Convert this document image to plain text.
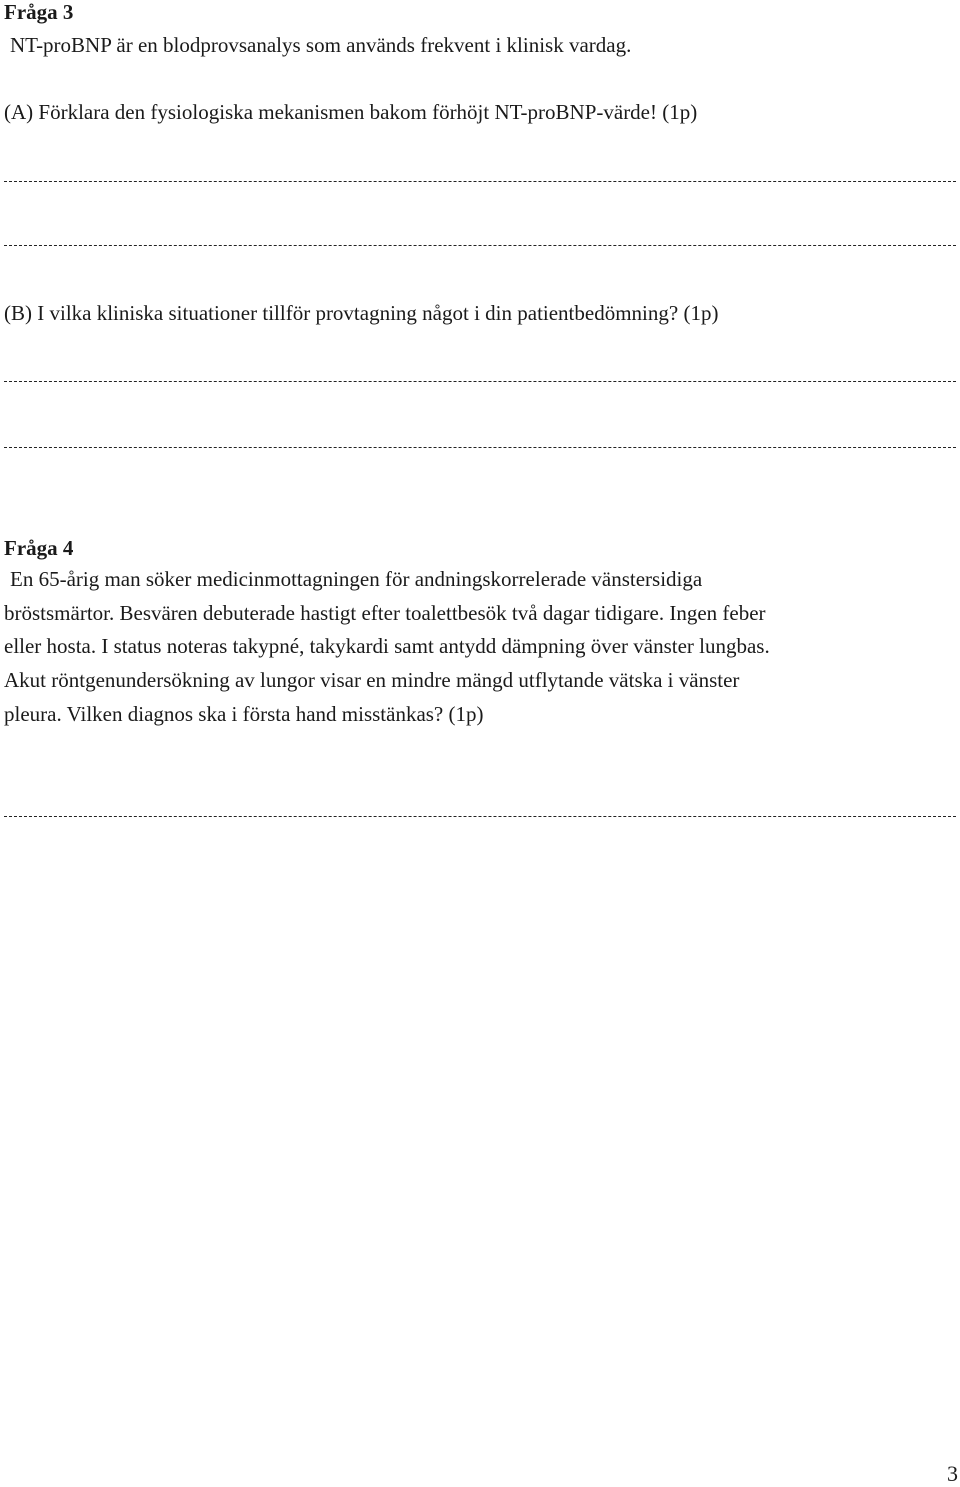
Fråga 3

NT-proBNP är en blodprovsanalys som används frekvent i klinisk vardag.

(A) Förklara den fysiologiska mekanismen bakom förhöjt NT-proBNP-värde! (1p)

(B) I vilka kliniska situationer tillför provtagning något i din patientbedömning? (1p)

Fråga 4
En 65-årig man söker medicinmottagningen för andningskorrelerade vänstersidiga
bröstsmärtor. Besvären debuterade hastigt efter toalettbesök två dagar tidigare. Ingen feber
eller hosta. I status noteras takypné, takykardi samt antydd dämpning över vänster lungbas.
Akut röntgenundersökning av lungor visar en mindre mängd utflytande vätska i vänster
pleura. Vilken diagnos ska i första hand misstänkas? (1p)
3
